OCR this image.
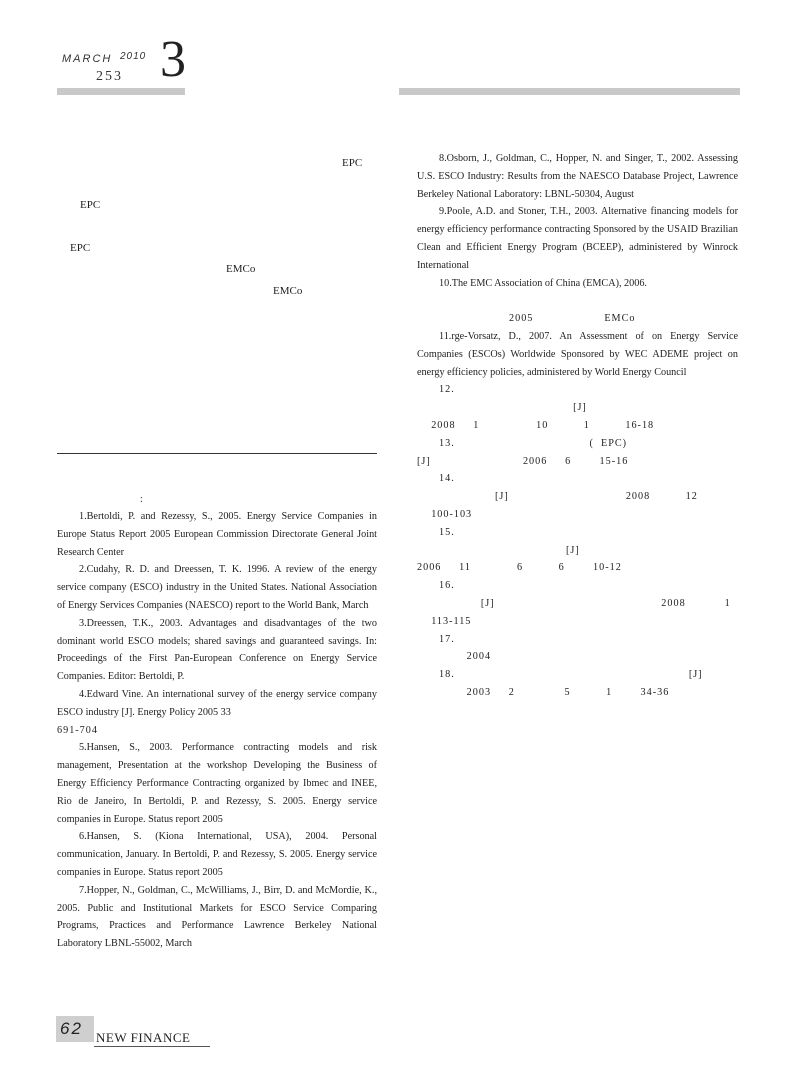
MARCH 2010
253 3
EPC
EPC
EPC
EMCo
EMCo
:

1.Bertoldi, P. and Rezessy, S., 2005. Energy Service Companies in Europe Status Report 2005 European Commission Directorate General Joint Research Center

2.Cudahy, R. D. and Dreessen, T. K. 1996. A review of the energy service company (ESCO) industry in the United States. National Association of Energy Services Companies (NAESCO) report to the World Bank, March

3.Dreessen, T.K., 2003. Advantages and disadvantages of the two dominant world ESCO models; shared savings and guaranteed savings. In: Proceedings of the First Pan-European Conference on Energy Service Companies. Editor: Bertoldi, P.

4.Edward Vine. An international survey of the energy service company ESCO industry [J]. Energy Policy 2005 33

691-704

5.Hansen, S., 2003. Performance contracting models and risk management, Presentation at the workshop Developing the Business of Energy Efficiency Performance Contracting organized by Ibmec and INEE, Rio de Janeiro, In Bertoldi, P. and Rezessy, S. 2005. Energy service companies in Europe. Status report 2005

6.Hansen, S. (Kiona International, USA), 2004. Personal communication, January. In Bertoldi, P. and Rezessy, S. 2005. Energy service companies in Europe. Status report 2005

7.Hopper, N., Goldman, C., McWilliams, J., Birr, D. and McMordie, K., 2005. Public and Institutional Markets for ESCO Service Comparing Programs, Practices and Performance Lawrence Berkeley National Laboratory LBNL-55002, March

8.Osborn, J., Goldman, C., Hopper, N. and Singer, T., 2002. Assessing U.S. ESCO Industry: Results from the NAESCO Database Project, Lawrence Berkeley National Laboratory: LBNL-50304, August

9.Poole, A.D. and Stoner, T.H., 2003. Alternative financing models for energy efficiency performance contracting Sponsored by the USAID Brazilian Clean and Efficient Energy Program (BCEEP), administered by Winrock International

10.The EMC Association of China (EMCA), 2006.

2005                    EMCo

11.rge-Vorsatz, D., 2007. An Assessment of on Energy Service Companies (ESCOs) Worldwide Sponsored by WEC ADEME project on energy efficiency policies, administered by World Energy Council

12.

[J]

2008     1                10          1          16-18

13.                                      (  EPC)

[J]                          2006     6        15-16

14.

[J]                                 2008          12

100-103

15.

[J]

2006     11             6          6        10-12

16.

[J]                                               2008           1

113-115

17.

2004

18.                                                                  [J]

2003     2              5          1        34-36

62 NEW FINANCE
